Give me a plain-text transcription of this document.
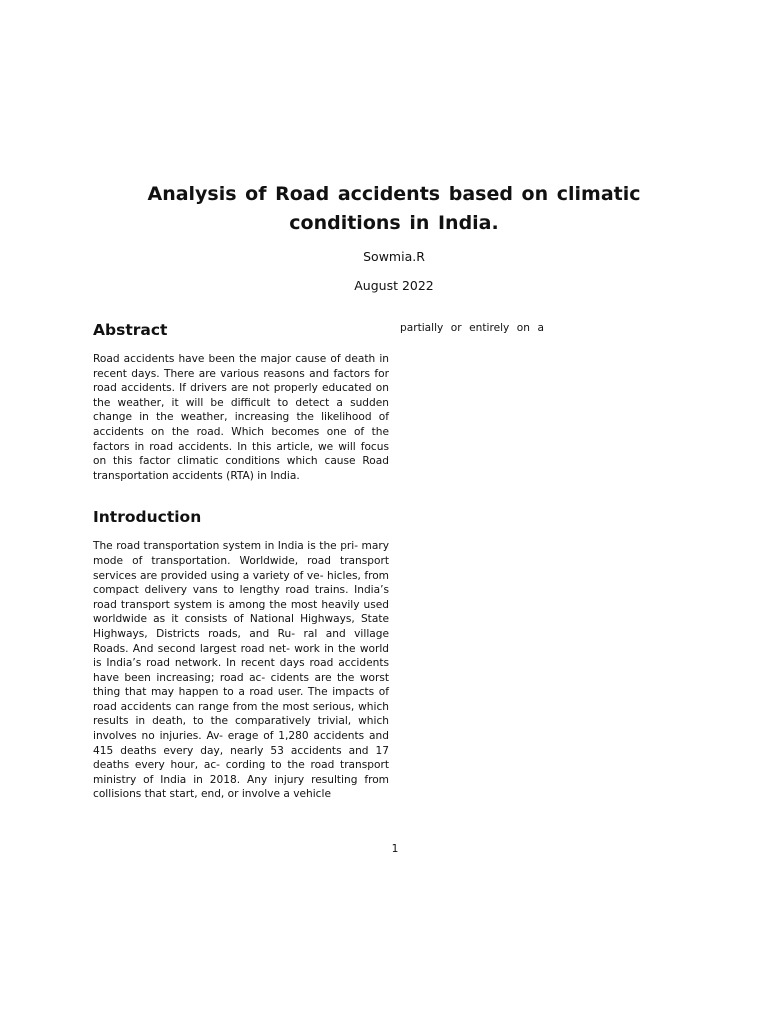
Analysis of Road accidents based on climatic conditions in India.

Sowmia.R

August 2022

Abstract

Road accidents have been the major cause of death in recent days. There are various reasons and factors for road accidents. If drivers are not properly educated on the weather, it will be difficult to detect a sudden change in the weather, increasing the likelihood of accidents on the road. Which becomes one of the factors in road accidents. In this article, we will focus on this factor climatic conditions which cause Road transportation accidents (RTA) in India.

Introduction

The road transportation system in India is the pri- mary mode of transportation. Worldwide, road transport services are provided using a variety of ve- hicles, from compact delivery vans to lengthy road trains. India’s road transport system is among the most heavily used worldwide as it consists of National Highways, State Highways, Districts roads, and Ru- ral and village Roads. And second largest road net- work in the world is India’s road network. In recent days road accidents have been increasing; road ac- cidents are the worst thing that may happen to a road user. The impacts of road accidents can range from the most serious, which results in death, to the comparatively trivial, which involves no injuries. Av- erage of 1,280 accidents and 415 deaths every day, nearly 53 accidents and 17 deaths every hour, ac- cording to the road transport ministry of India in 2018. Any injury resulting from collisions that start, end, or involve a vehicle

partially or entirely on a

1
